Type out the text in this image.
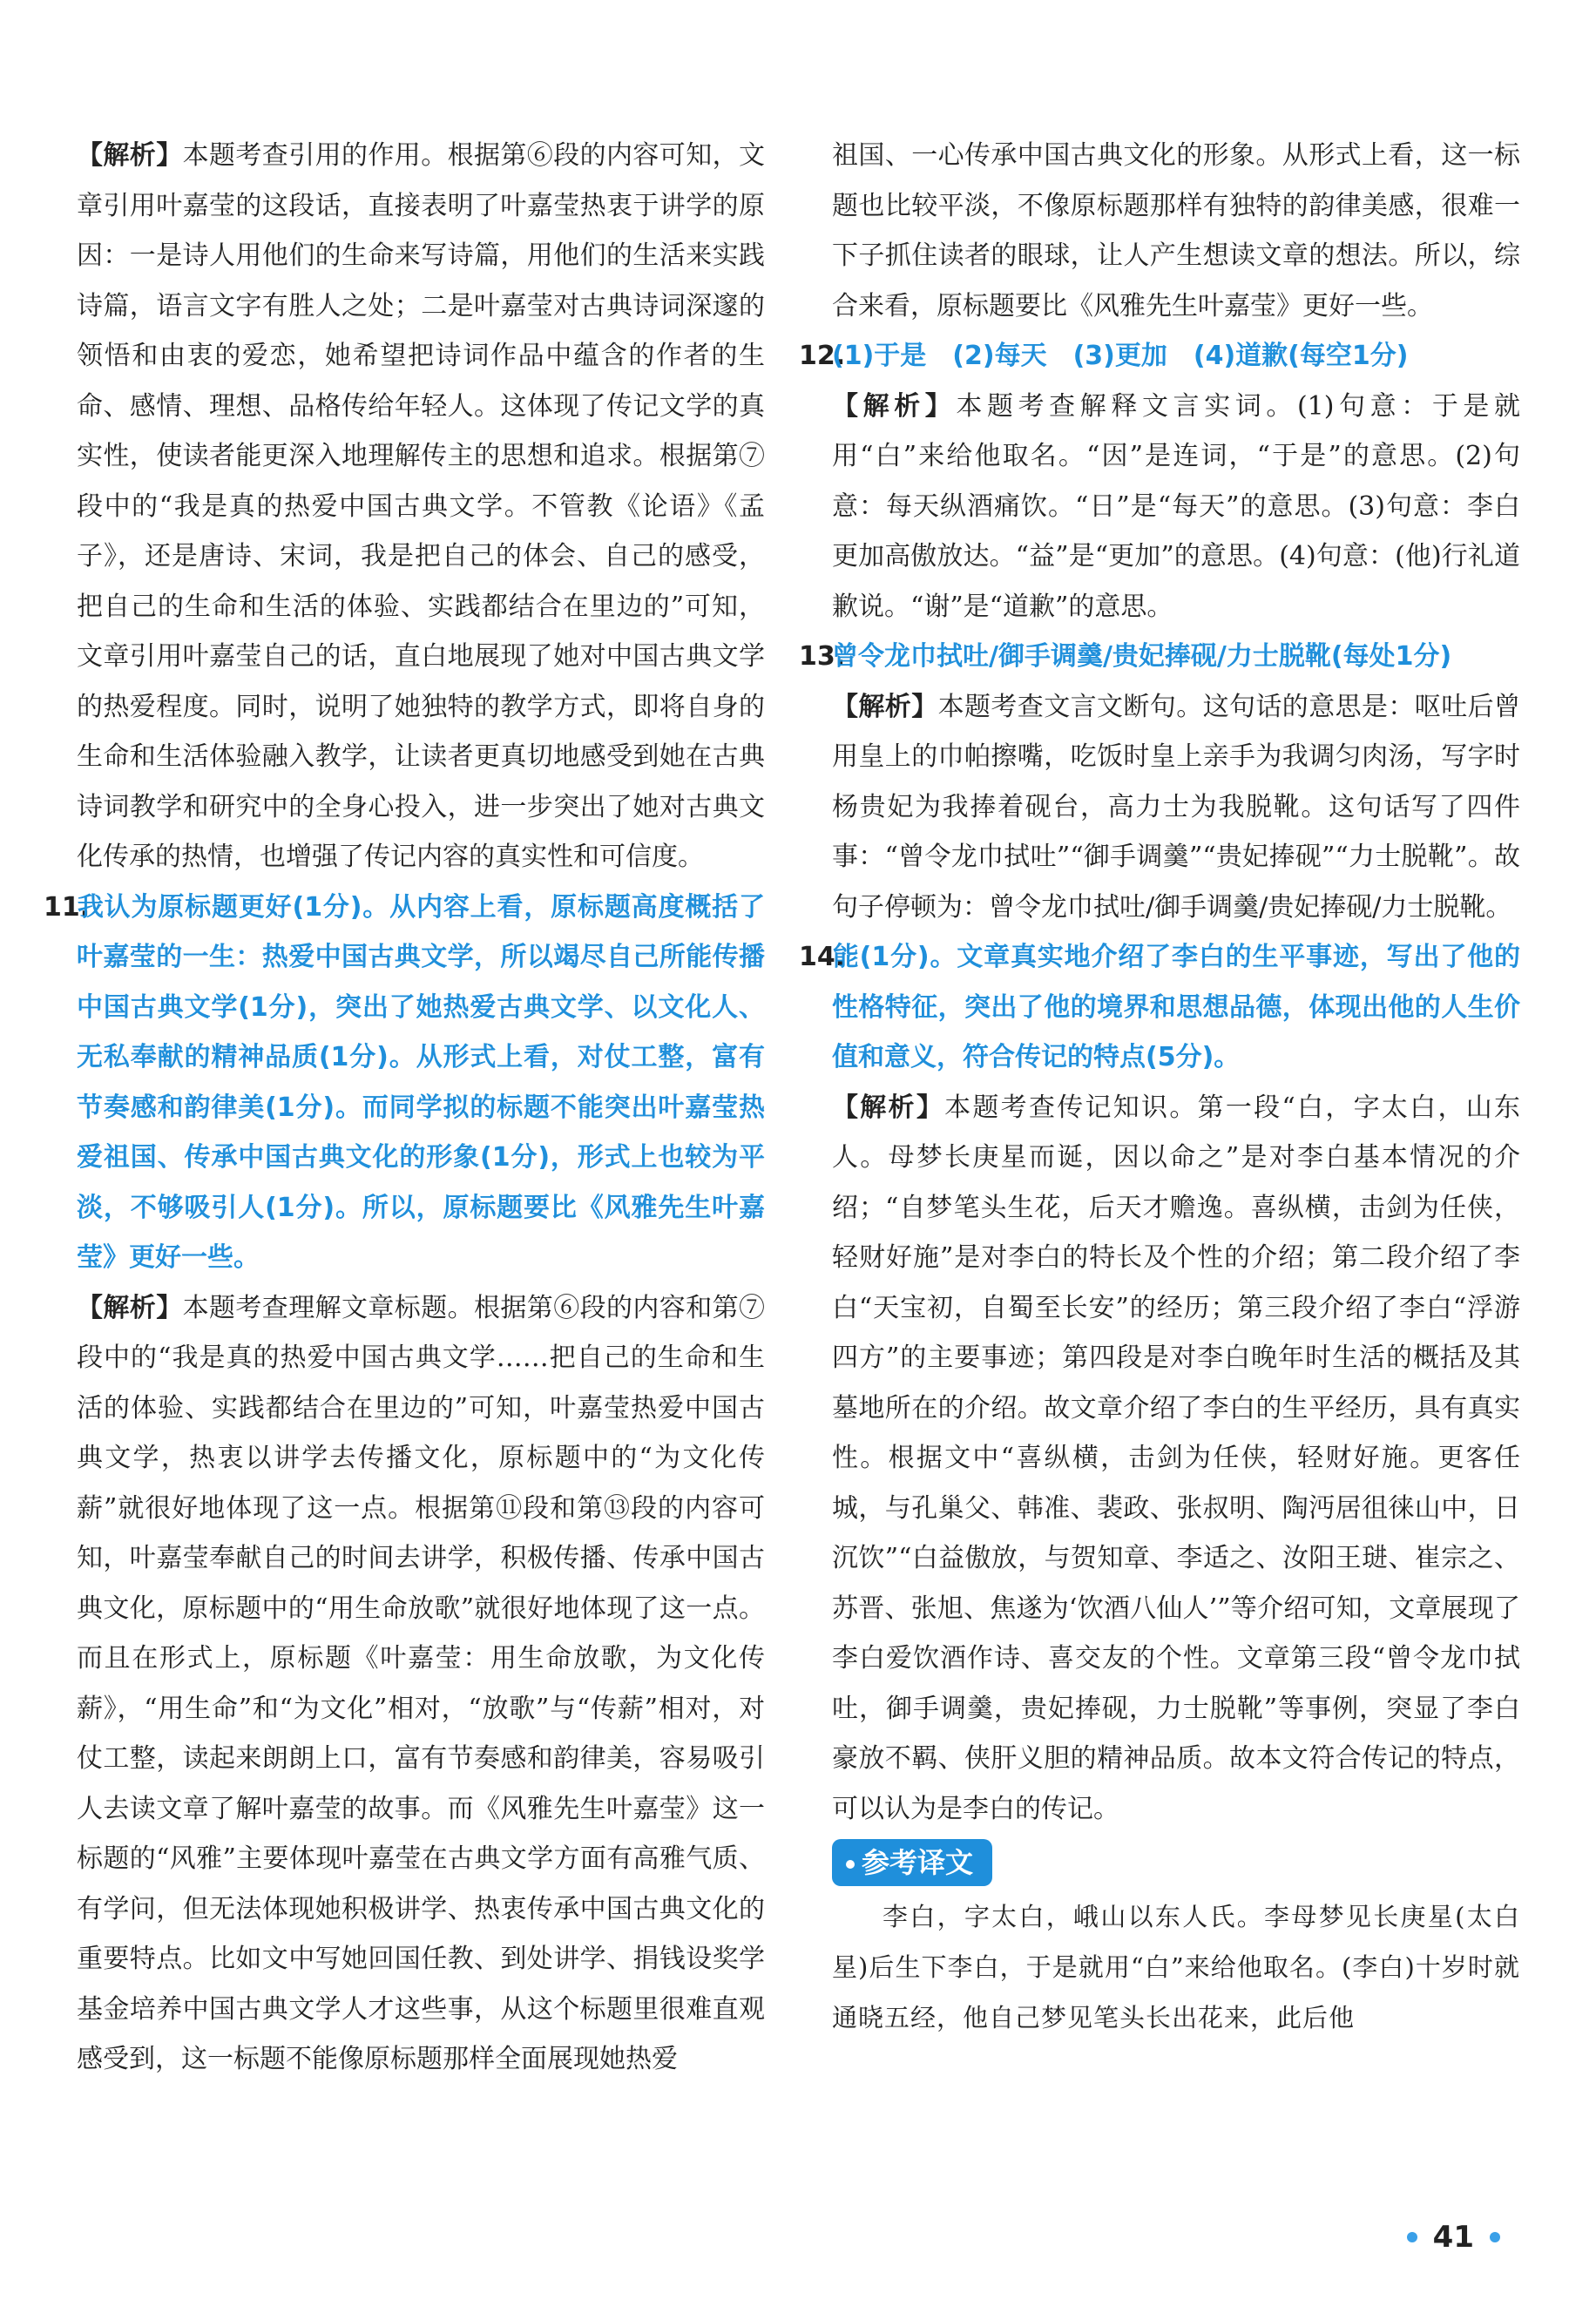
【解析】本题考查引用的作用。根据第⑥段的内容可知，文章引用叶嘉莹的这段话，直接表明了叶嘉莹热衷于讲学的原因：一是诗人用他们的生命来写诗篇，用他们的生活来实践诗篇，语言文字有胜人之处；二是叶嘉莹对古典诗词深邃的领悟和由衷的爱恋，她希望把诗词作品中蕴含的作者的生命、感情、理想、品格传给年轻人。这体现了传记文学的真实性，使读者能更深入地理解传主的思想和追求。根据第⑦段中的“我是真的热爱中国古典文学。不管教《论语》《孟子》，还是唐诗、宋词，我是把自己的体会、自己的感受，把自己的生命和生活的体验、实践都结合在里边的”可知，文章引用叶嘉莹自己的话，直白地展现了她对中国古典文学的热爱程度。同时，说明了她独特的教学方式，即将自身的生命和生活体验融入教学，让读者更真切地感受到她在古典诗词教学和研究中的全身心投入，进一步突出了她对古典文化传承的热情，也增强了传记内容的真实性和可信度。

11.我认为原标题更好(1分)。从内容上看，原标题高度概括了叶嘉莹的一生：热爱中国古典文学，所以竭尽自己所能传播中国古典文学(1分)，突出了她热爱古典文学、以文化人、无私奉献的精神品质(1分)。从形式上看，对仗工整，富有节奏感和韵律美(1分)。而同学拟的标题不能突出叶嘉莹热爱祖国、传承中国古典文化的形象(1分)，形式上也较为平淡，不够吸引人(1分)。所以，原标题要比《风雅先生叶嘉莹》更好一些。

【解析】本题考查理解文章标题。根据第⑥段的内容和第⑦段中的“我是真的热爱中国古典文学……把自己的生命和生活的体验、实践都结合在里边的”可知，叶嘉莹热爱中国古典文学，热衷以讲学去传播文化，原标题中的“为文化传薪”就很好地体现了这一点。根据第⑪段和第⑬段的内容可知，叶嘉莹奉献自己的时间去讲学，积极传播、传承中国古典文化，原标题中的“用生命放歌”就很好地体现了这一点。而且在形式上，原标题《叶嘉莹：用生命放歌，为文化传薪》，“用生命”和“为文化”相对，“放歌”与“传薪”相对，对仗工整，读起来朗朗上口，富有节奏感和韵律美，容易吸引人去读文章了解叶嘉莹的故事。而《风雅先生叶嘉莹》这一标题的“风雅”主要体现叶嘉莹在古典文学方面有高雅气质、有学问，但无法体现她积极讲学、热衷传承中国古典文化的重要特点。比如文中写她回国任教、到处讲学、捐钱设奖学基金培养中国古典文学人才这些事，从这个标题里很难直观感受到，这一标题不能像原标题那样全面展现她热爱

祖国、一心传承中国古典文化的形象。从形式上看，这一标题也比较平淡，不像原标题那样有独特的韵律美感，很难一下子抓住读者的眼球，让人产生想读文章的想法。所以，综合来看，原标题要比《风雅先生叶嘉莹》更好一些。

12.(1)于是　(2)每天　(3)更加　(4)道歉(每空1分)

【解析】本题考查解释文言实词。(1)句意：于是就用“白”来给他取名。“因”是连词，“于是”的意思。(2)句意：每天纵酒痛饮。“日”是“每天”的意思。(3)句意：李白更加高傲放达。“益”是“更加”的意思。(4)句意：(他)行礼道歉说。“谢”是“道歉”的意思。

13.曾令龙巾拭吐/御手调羹/贵妃捧砚/力士脱靴(每处1分)

【解析】本题考查文言文断句。这句话的意思是：呕吐后曾用皇上的巾帕擦嘴，吃饭时皇上亲手为我调匀肉汤，写字时杨贵妃为我捧着砚台，高力士为我脱靴。这句话写了四件事：“曾令龙巾拭吐”“御手调羹”“贵妃捧砚”“力士脱靴”。故句子停顿为：曾令龙巾拭吐/御手调羹/贵妃捧砚/力士脱靴。

14.能(1分)。文章真实地介绍了李白的生平事迹，写出了他的性格特征，突出了他的境界和思想品德，体现出他的人生价值和意义，符合传记的特点(5分)。

【解析】本题考查传记知识。第一段“白，字太白，山东人。母梦长庚星而诞，因以命之”是对李白基本情况的介绍；“自梦笔头生花，后天才赡逸。喜纵横，击剑为任侠，轻财好施”是对李白的特长及个性的介绍；第二段介绍了李白“天宝初，自蜀至长安”的经历；第三段介绍了李白“浮游四方”的主要事迹；第四段是对李白晚年时生活的概括及其墓地所在的介绍。故文章介绍了李白的生平经历，具有真实性。根据文中“喜纵横，击剑为任侠，轻财好施。更客任城，与孔巢父、韩准、裴政、张叔明、陶沔居徂徕山中，日沉饮”“白益傲放，与贺知章、李适之、汝阳王琎、崔宗之、苏晋、张旭、焦遂为‘饮酒八仙人’”等介绍可知，文章展现了李白爱饮酒作诗、喜交友的个性。文章第三段“曾令龙巾拭吐，御手调羹，贵妃捧砚，力士脱靴”等事例，突显了李白豪放不羁、侠肝义胆的精神品质。故本文符合传记的特点，可以认为是李白的传记。

参考译文

李白，字太白，峨山以东人氏。李母梦见长庚星(太白星)后生下李白，于是就用“白”来给他取名。(李白)十岁时就通晓五经，他自己梦见笔头长出花来，此后他

41
